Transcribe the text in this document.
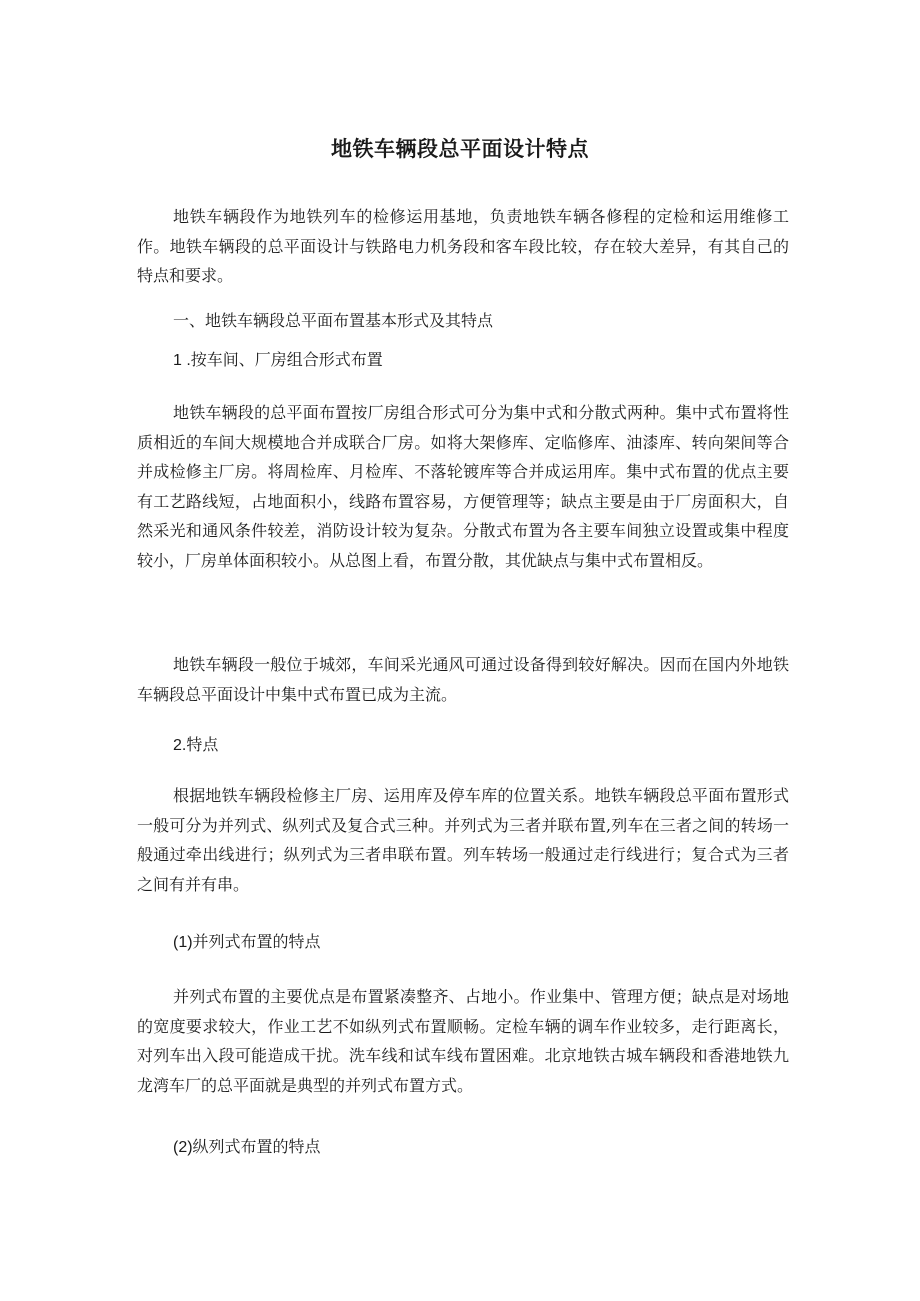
地铁车辆段总平面设计特点
地铁车辆段作为地铁列车的检修运用基地，负责地铁车辆各修程的定检和运用维修工作。地铁车辆段的总平面设计与铁路电力机务段和客车段比较，存在较大差异，有其自己的特点和要求。
一、地铁车辆段总平面布置基本形式及其特点
1 .按车间、厂房组合形式布置
地铁车辆段的总平面布置按厂房组合形式可分为集中式和分散式两种。集中式布置将性质相近的车间大规模地合并成联合厂房。如将大架修库、定临修库、油漆库、转向架间等合并成检修主厂房。将周检库、月检库、不落轮镀库等合并成运用库。集中式布置的优点主要有工艺路线短，占地面积小，线路布置容易，方便管理等；缺点主要是由于厂房面积大，自然采光和通风条件较差，消防设计较为复杂。分散式布置为各主要车间独立设置或集中程度较小，厂房单体面积较小。从总图上看，布置分散，其优缺点与集中式布置相反。
地铁车辆段一般位于城郊，车间采光通风可通过设备得到较好解决。因而在国内外地铁车辆段总平面设计中集中式布置已成为主流。
2.特点
根据地铁车辆段检修主厂房、运用库及停车库的位置关系。地铁车辆段总平面布置形式一般可分为并列式、纵列式及复合式三种。并列式为三者并联布置,列车在三者之间的转场一般通过牵出线进行；纵列式为三者串联布置。列车转场一般通过走行线进行；复合式为三者之间有并有串。
(1)并列式布置的特点
并列式布置的主要优点是布置紧凑整齐、占地小。作业集中、管理方便；缺点是对场地的宽度要求较大，作业工艺不如纵列式布置顺畅。定检车辆的调车作业较多，走行距离长，对列车出入段可能造成干扰。洗车线和试车线布置困难。北京地铁古城车辆段和香港地铁九龙湾车厂的总平面就是典型的并列式布置方式。
(2)纵列式布置的特点
